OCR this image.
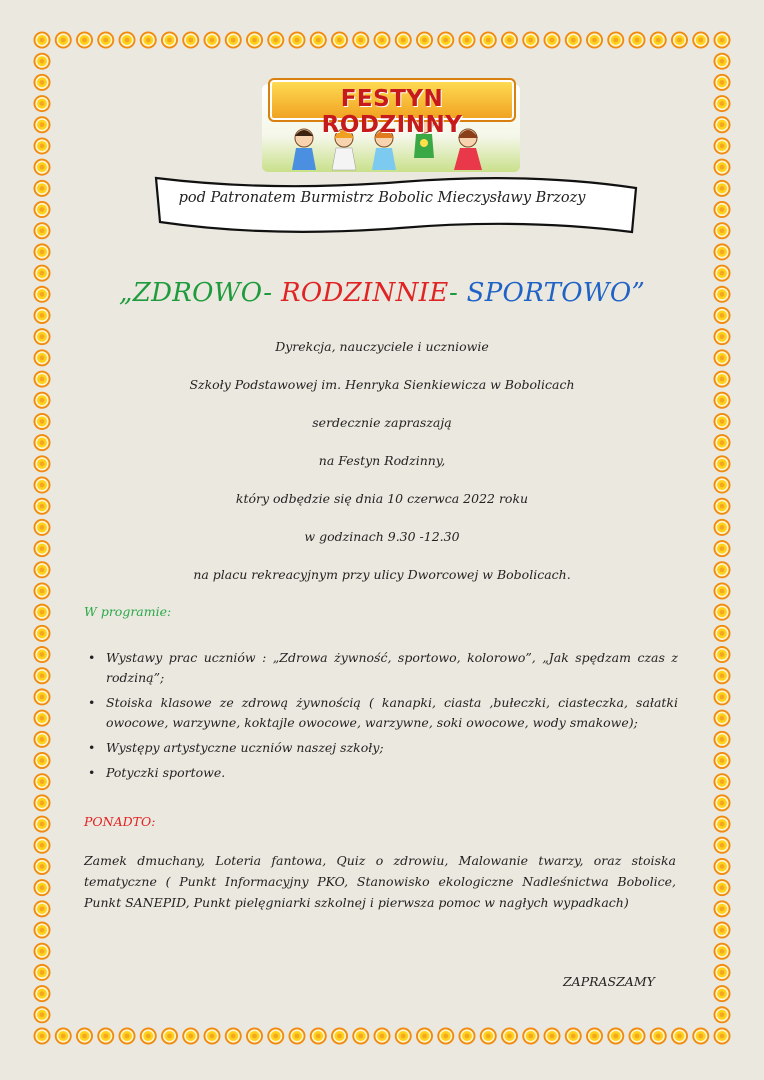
FESTYN RODZINNY
pod Patronatem Burmistrz Bobolic Mieczysławy Brzozy
„ZDROWO- RODZINNIE- SPORTOWO”
Dyrekcja, nauczyciele i uczniowie
Szkoły Podstawowej im. Henryka Sienkiewicza w Bobolicach
serdecznie zapraszają
na Festyn Rodzinny,
który odbędzie się dnia 10 czerwca 2022 roku
w godzinach 9.30 -12.30
na placu rekreacyjnym przy ulicy Dworcowej w Bobolicach.
W programie:
• Wystawy prac uczniów : „Zdrowa żywność, sportowo, kolorowo”, „Jak spędzam czas z rodziną”;
• Stoiska klasowe ze zdrową żywnością ( kanapki, ciasta ,bułeczki, ciasteczka, sałatki owocowe, warzywne, koktajle owocowe, warzywne, soki owocowe, wody smakowe);
• Występy artystyczne uczniów naszej szkoły;
• Potyczki sportowe.
PONADTO:
Zamek dmuchany, Loteria fantowa, Quiz o zdrowiu, Malowanie twarzy, oraz stoiska tematyczne ( Punkt Informacyjny PKO, Stanowisko ekologiczne Nadleśnictwa Bobolice, Punkt SANEPID, Punkt pielęgniarki szkolnej i pierwsza pomoc w nagłych wypadkach)
ZAPRASZAMY
